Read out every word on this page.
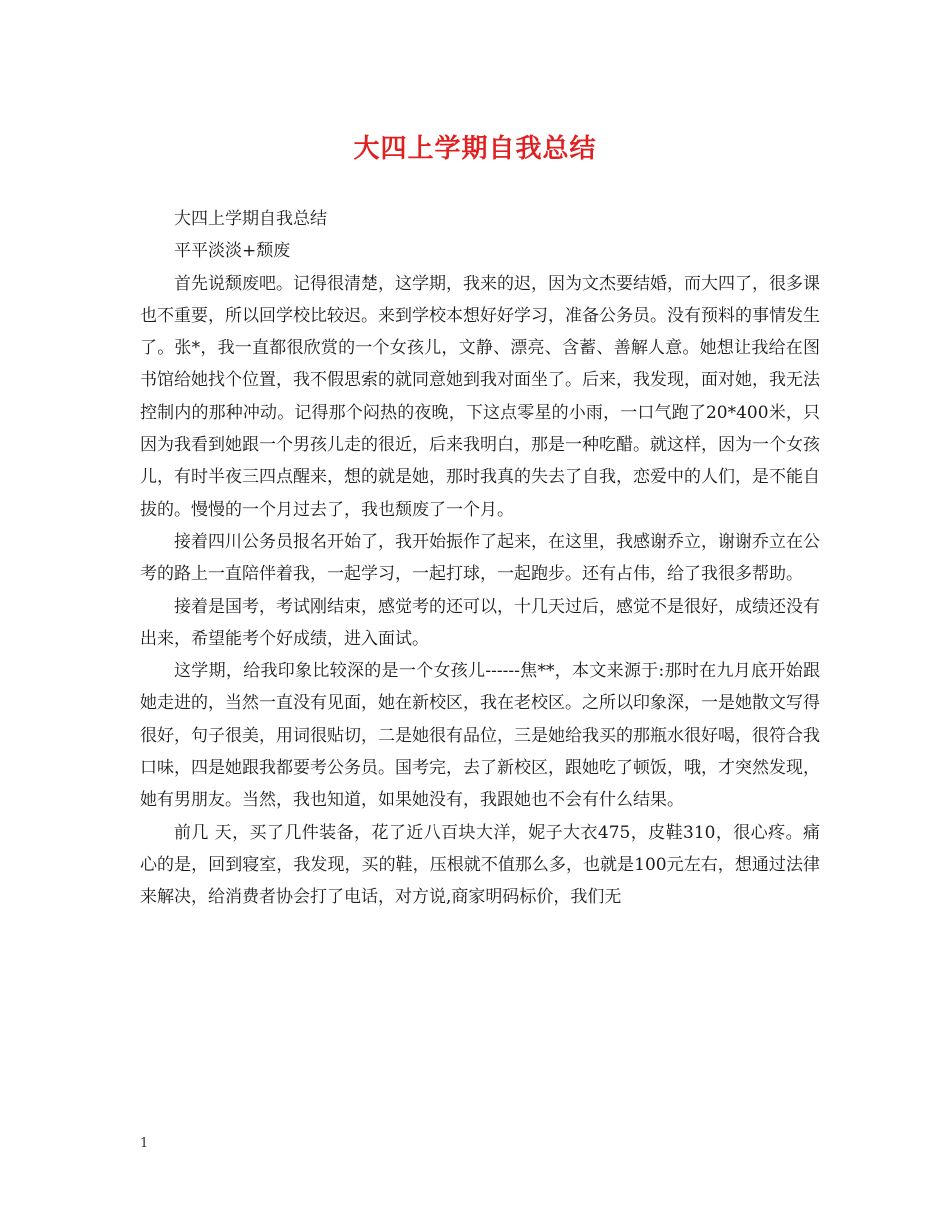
大四上学期自我总结

大四上学期自我总结

平平淡淡+颓废

首先说颓废吧。记得很清楚，这学期，我来的迟，因为文杰要结婚，而大四了，很多课也不重要，所以回学校比较迟。来到学校本想好好学习，准备公务员。没有预料的事情发生了。张*，我一直都很欣赏的一个女孩儿，文静、漂亮、含蓄、善解人意。她想让我给在图书馆给她找个位置，我不假思索的就同意她到我对面坐了。后来，我发现，面对她，我无法控制内的那种冲动。记得那个闷热的夜晚，下这点零星的小雨，一口气跑了20*400米，只因为我看到她跟一个男孩儿走的很近，后来我明白，那是一种吃醋。就这样，因为一个女孩儿，有时半夜三四点醒来，想的就是她，那时我真的失去了自我，恋爱中的人们，是不能自拔的。慢慢的一个月过去了，我也颓废了一个月。

接着四川公务员报名开始了，我开始振作了起来，在这里，我感谢乔立，谢谢乔立在公考的路上一直陪伴着我，一起学习，一起打球，一起跑步。还有占伟，给了我很多帮助。

接着是国考，考试刚结束，感觉考的还可以，十几天过后，感觉不是很好，成绩还没有出来，希望能考个好成绩，进入面试。

这学期，给我印象比较深的是一个女孩儿------焦**，本文来源于:那时在九月底开始跟她走进的，当然一直没有见面，她在新校区，我在老校区。之所以印象深，一是她散文写得很好，句子很美，用词很贴切，二是她很有品位，三是她给我买的那瓶水很好喝，很符合我口味，四是她跟我都要考公务员。国考完，去了新校区，跟她吃了顿饭，哦，才突然发现，她有男朋友。当然，我也知道，如果她没有，我跟她也不会有什么结果。

前几 天，买了几件装备，花了近八百块大洋，妮子大衣475，皮鞋310，很心疼。痛心的是，回到寝室，我发现，买的鞋，压根就不值那么多，也就是100元左右，想通过法律来解决，给消费者协会打了电话，对方说,商家明码标价，我们无

1
